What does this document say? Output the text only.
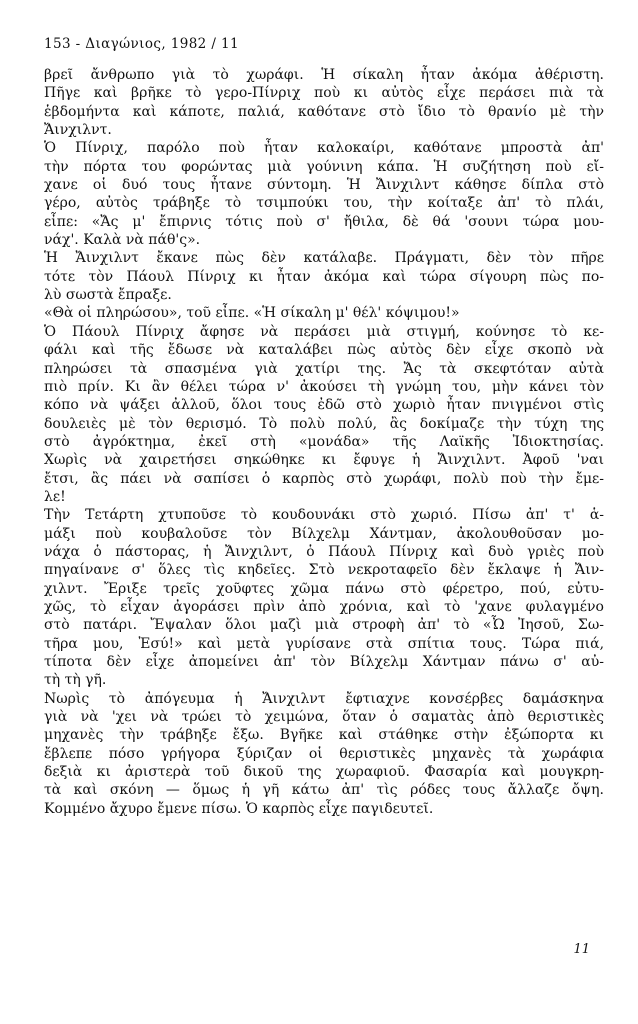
153 - Διαγώνιος, 1982 / 11
βρεῖ ἄνθρωπο γιὰ τὸ χωράφι. Ἡ σίκαλη ἦταν ἀκόμα ἀθέριστη.
Πῆγε καὶ βρῆκε τὸ γερο-Πίνριχ ποὺ κι αὐτὸς εἶχε περάσει πιὰ τὰ
ἑβδομήντα καὶ κάποτε, παλιά, καθότανε στὸ ἴδιο τὸ θρανίο μὲ τὴν
Ἄινχιλντ.
Ὁ Πίνριχ, παρόλο ποὺ ἦταν καλοκαίρι, καθότανε μπροστὰ ἀπ'
τὴν πόρτα του φορώντας μιὰ γούνινη κάπα. Ἡ συζήτηση ποὺ εἴ-
χανε οἱ δυό τους ἦτανε σύντομη. Ἡ Ἄινχιλντ κάθησε δίπλα στὸ
γέρο, αὐτὸς τράβηξε τὸ τσιμπούκι του, τὴν κοίταξε ἀπ' τὸ πλάι,
εἶπε: «Ἄς μ' ἔπιρνις τότις ποὺ σ' ἤθιλα, δὲ θά 'σουνι τώρα μου-
νάχ'. Καλὰ νὰ πάθ'ς».
Ἡ Ἄινχιλντ ἔκανε πὼς δὲν κατάλαβε. Πράγματι, δὲν τὸν πῆρε
τότε τὸν Πάουλ Πίνριχ κι ἦταν ἀκόμα καὶ τώρα σίγουρη πὼς πο-
λὺ σωστὰ ἔπραξε.
«Θὰ οἱ πληρώσου», τοῦ εἶπε. «Ἡ σίκαλη μ' θέλ' κόψιμου!»
Ὁ Πάουλ Πίνριχ ἄφησε νὰ περάσει μιὰ στιγμή, κούνησε τὸ κε-
φάλι καὶ τῆς ἔδωσε νὰ καταλάβει πὼς αὐτὸς δὲν εἶχε σκοπὸ νὰ
πληρώσει τὰ σπασμένα γιὰ χατίρι της. Ἄς τὰ σκεφτόταν αὐτὰ
πιὸ πρίν. Κι ἂν θέλει τώρα ν' ἀκούσει τὴ γνώμη του, μὴν κάνει τὸν
κόπο νὰ ψάξει ἀλλοῦ, ὅλοι τους ἐδῶ στὸ χωριὸ ἦταν πνιγμένοι στὶς
δουλειὲς μὲ τὸν θερισμό. Τὸ πολὺ πολύ, ἂς δοκίμαζε τὴν τύχη της
στὸ ἀγρόκτημα, ἐκεῖ στὴ «μονάδα» τῆς Λαϊκῆς Ἰδιοκτησίας.
Χωρὶς νὰ χαιρετήσει σηκώθηκε κι ἔφυγε ἡ Ἄινχιλντ. Ἀφοῦ 'ναι
ἔτσι, ἂς πάει νὰ σαπίσει ὁ καρπὸς στὸ χωράφι, πολὺ ποὺ τὴν ἔμε-
λε!
Τὴν Τετάρτη χτυποῦσε τὸ κουδουνάκι στὸ χωριό. Πίσω ἀπ' τ' ἁ-
μάξι ποὺ κουβαλοῦσε τὸν Βίλχελμ Χάντμαν, ἀκολουθοῦσαν μο-
νάχα ὁ πάστορας, ἡ Ἄινχιλντ, ὁ Πάουλ Πίνριχ καὶ δυὸ γριὲς ποὺ
πηγαίνανε σ' ὅλες τὶς κηδεῖες. Στὸ νεκροταφεῖο δὲν ἔκλαψε ἡ Ἄιν-
χιλντ. Ἔριξε τρεῖς χοῦφτες χῶμα πάνω στὸ φέρετρο, πού, εὐτυ-
χῶς, τὸ εἶχαν ἀγοράσει πρὶν ἀπὸ χρόνια, καὶ τὸ 'χανε φυλαγμένο
στὸ πατάρι. Ἔψαλαν ὅλοι μαζὶ μιὰ στροφὴ ἀπ' τὸ «Ὦ Ἰησοῦ, Σω-
τῆρα μου, Ἐσύ!» καὶ μετὰ γυρίσανε στὰ σπίτια τους. Τώρα πιά,
τίποτα δὲν εἶχε ἀπομείνει ἀπ' τὸν Βίλχελμ Χάντμαν πάνω σ' αὐ-
τὴ τὴ γῆ.
Νωρὶς τὸ ἀπόγευμα ἡ Ἄινχιλντ ἔφτιαχνε κονσέρβες δαμάσκηνα
γιὰ νὰ 'χει νὰ τρώει τὸ χειμώνα, ὅταν ὁ σαματὰς ἀπὸ θεριστικὲς
μηχανὲς τὴν τράβηξε ἔξω. Βγῆκε καὶ στάθηκε στὴν ἐξώπορτα κι
ἔβλεπε πόσο γρήγορα ξύριζαν οἱ θεριστικὲς μηχανὲς τὰ χωράφια
δεξιὰ κι ἀριστερὰ τοῦ δικοῦ της χωραφιοῦ. Φασαρία καὶ μουγκρη-
τὰ καὶ σκόνη — ὅμως ἡ γῆ κάτω ἀπ' τὶς ρόδες τους ἄλλαζε ὄψη.
Κομμένο ἄχυρο ἔμενε πίσω. Ὁ καρπὸς εἶχε παγιδευτεῖ.
11
